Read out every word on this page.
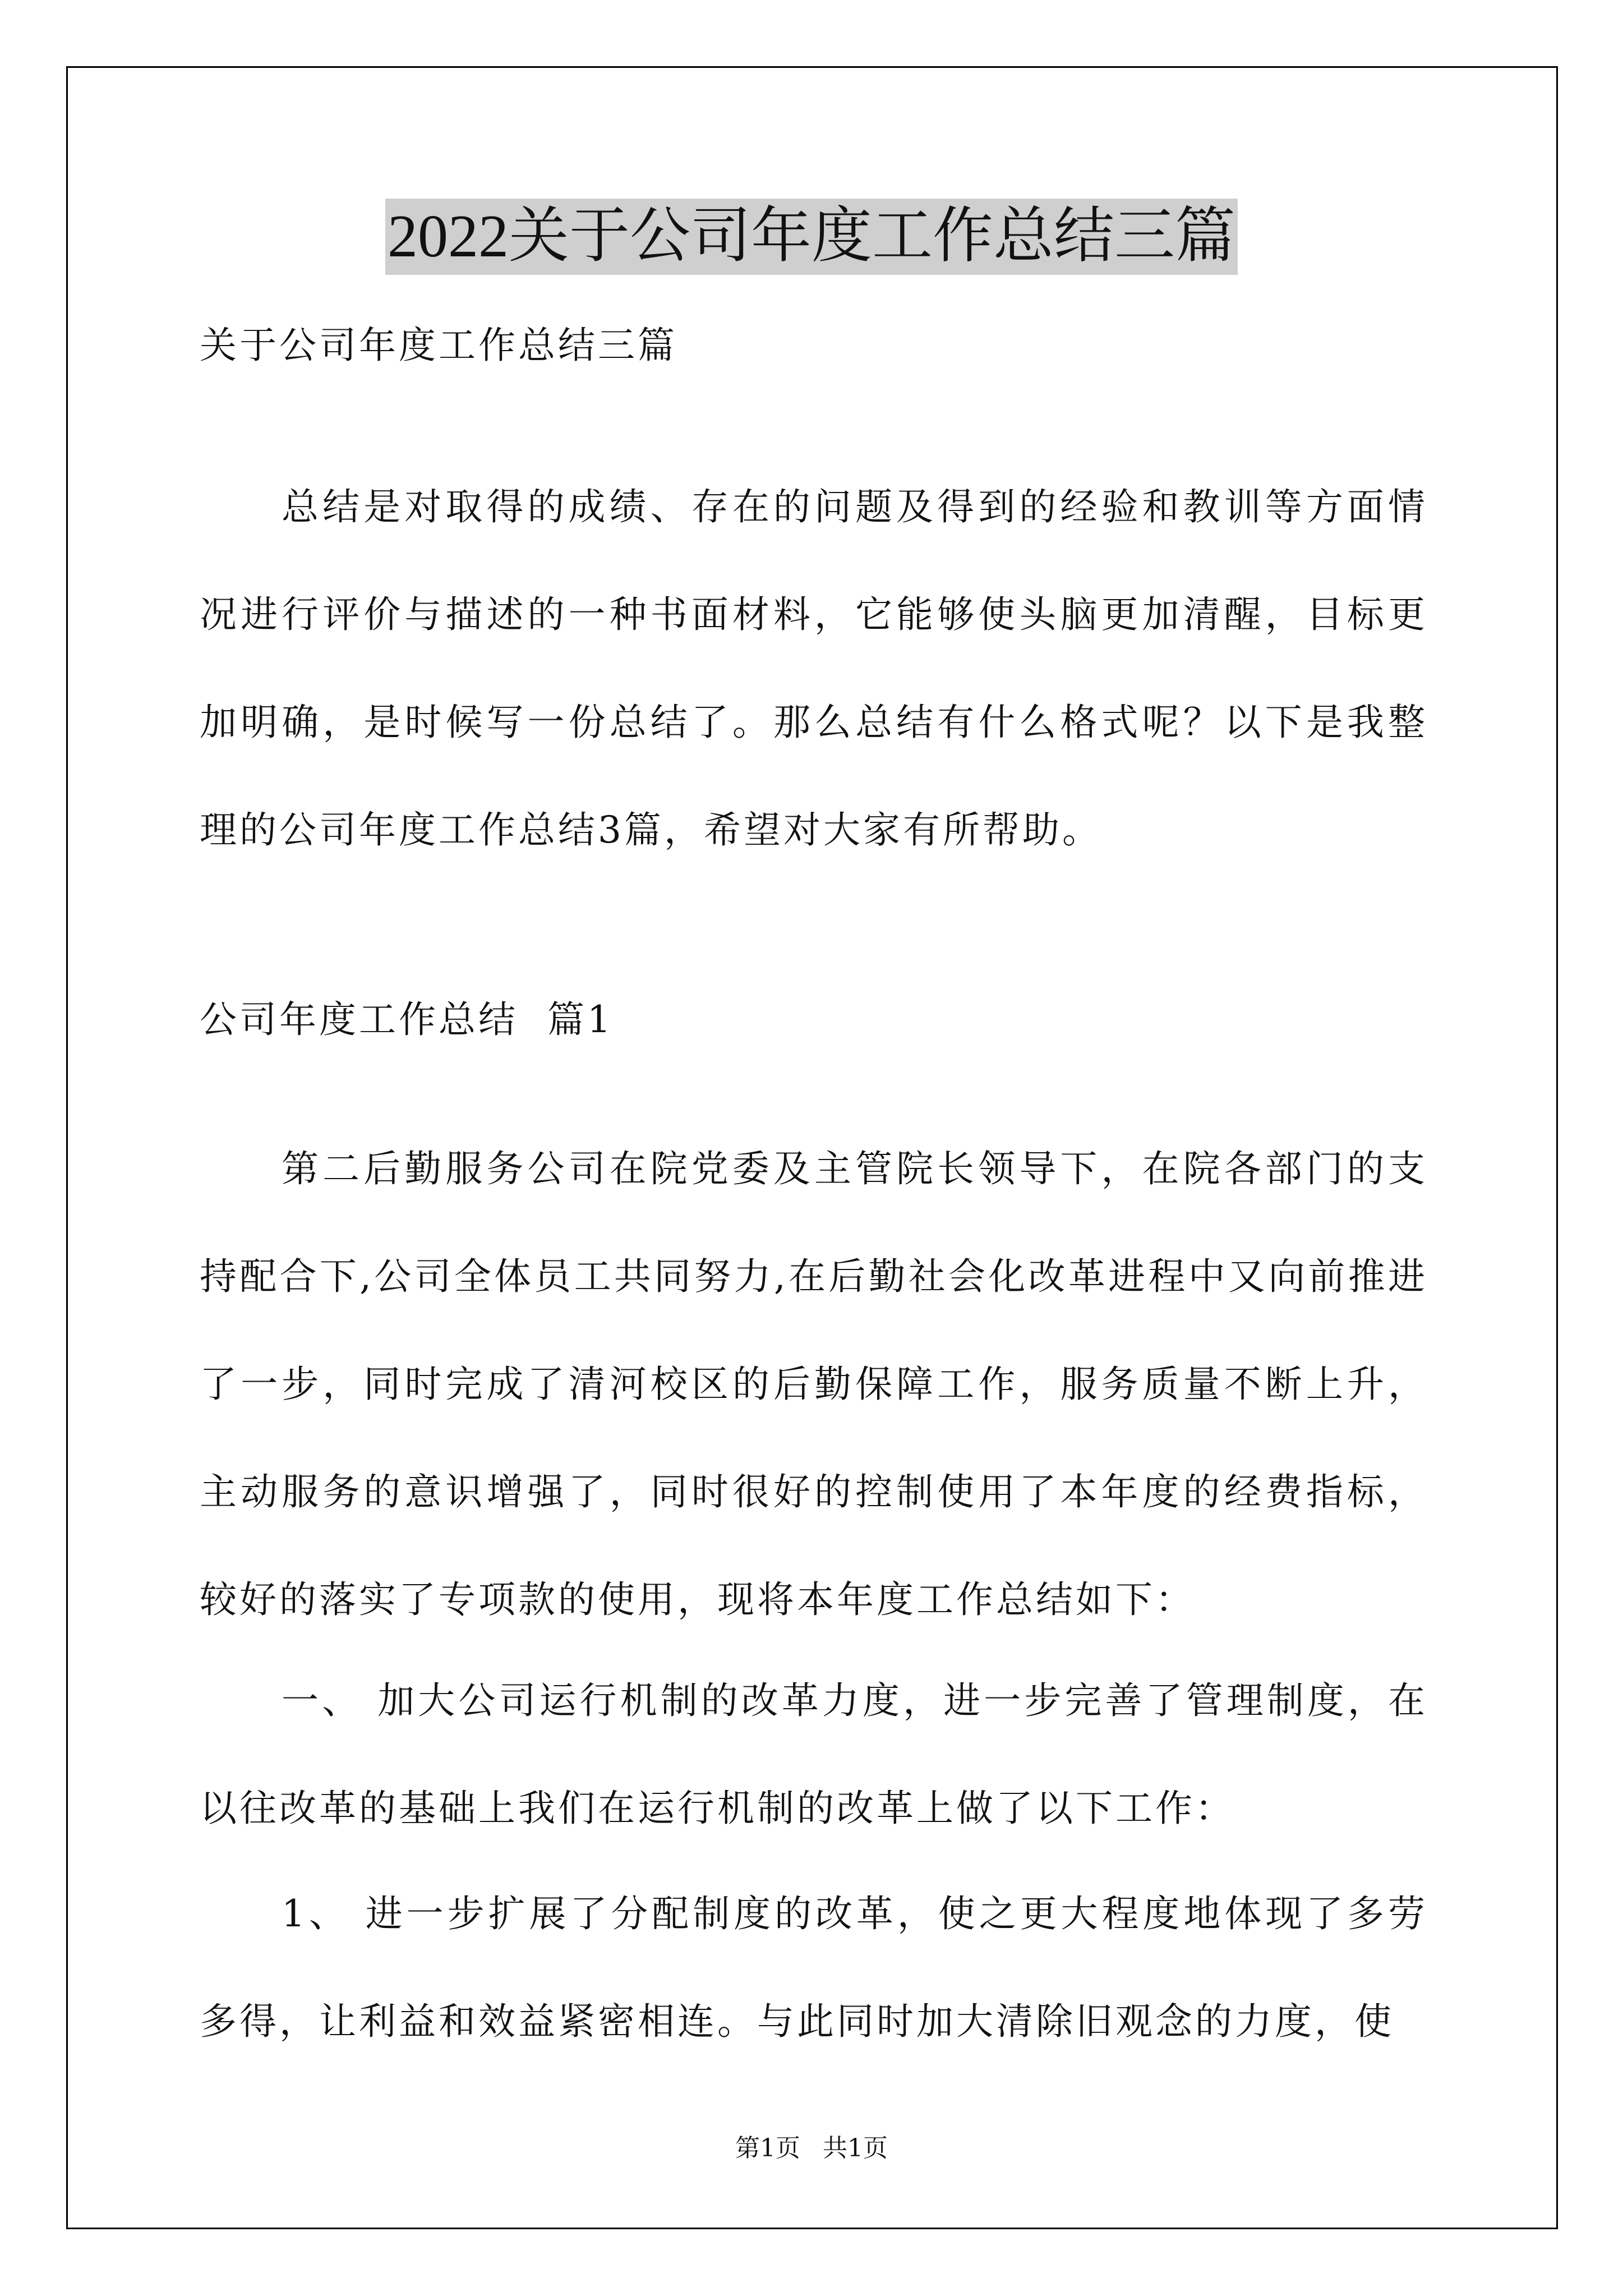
2022关于公司年度工作总结三篇

关于公司年度工作总结三篇

总结是对取得的成绩、存在的问题及得到的经验和教训等方面情况进行评价与描述的一种书面材料，它能够使头脑更加清醒，目标更加明确，是时候写一份总结了。那么总结有什么格式呢？以下是我整理的公司年度工作总结3篇，希望对大家有所帮助。

公司年度工作总结  篇1

第二后勤服务公司在院党委及主管院长领导下，在院各部门的支持配合下,公司全体员工共同努力,在后勤社会化改革进程中又向前推进了一步，同时完成了清河校区的后勤保障工作，服务质量不断上升，主动服务的意识增强了，同时很好的控制使用了本年度的经费指标，较好的落实了专项款的使用，现将本年度工作总结如下：

一、 加大公司运行机制的改革力度，进一步完善了管理制度，在以往改革的基础上我们在运行机制的改革上做了以下工作：

1、 进一步扩展了分配制度的改革，使之更大程度地体现了多劳多得，让利益和效益紧密相连。与此同时加大清除旧观念的力度，使

第1页 共1页
